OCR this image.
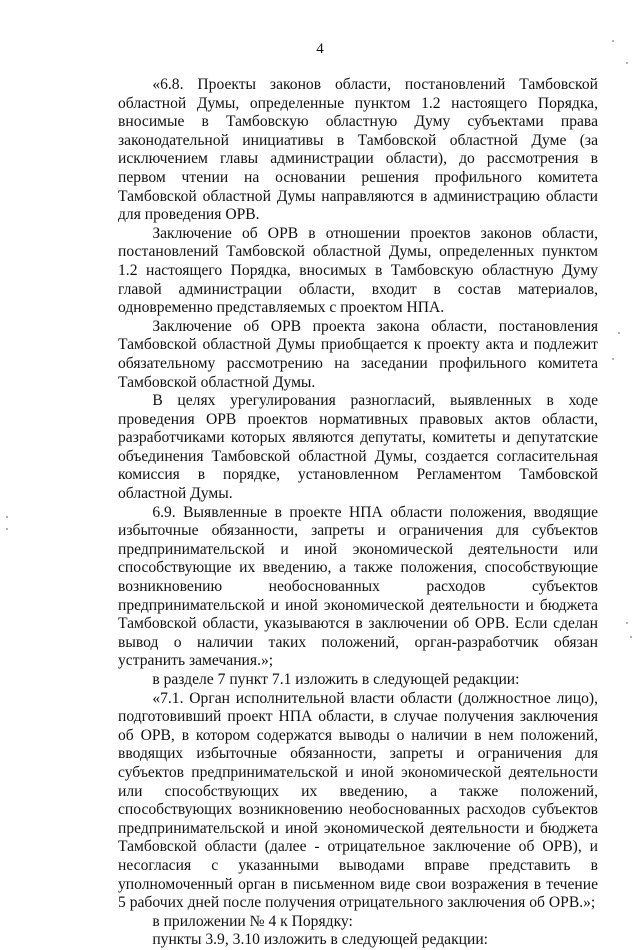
4

«6.8. Проекты законов области, постановлений Тамбовской областной Думы, определенные пунктом 1.2 настоящего Порядка, вносимые в Тамбовскую областную Думу субъектами права законодательной инициативы в Тамбовской областной Думе (за исключением главы администрации области), до рассмотрения в первом чтении на основании решения профильного комитета Тамбовской областной Думы направляются в администрацию области для проведения ОРВ.

Заключение об ОРВ в отношении проектов законов области, постановлений Тамбовской областной Думы, определенных пунктом 1.2 настоящего Порядка, вносимых в Тамбовскую областную Думу главой администрации области, входит в состав материалов, одновременно представляемых с проектом НПА.

Заключение об ОРВ проекта закона области, постановления Тамбовской областной Думы приобщается к проекту акта и подлежит обязательному рассмотрению на заседании профильного комитета Тамбовской областной Думы.

В целях урегулирования разногласий, выявленных в ходе проведения ОРВ проектов нормативных правовых актов области, разработчиками которых являются депутаты, комитеты и депутатские объединения Тамбовской областной Думы, создается согласительная комиссия в порядке, установленном Регламентом Тамбовской областной Думы.

6.9. Выявленные в проекте НПА области положения, вводящие избыточные обязанности, запреты и ограничения для субъектов предпринимательской и иной экономической деятельности или способствующие их введению, а также положения, способствующие возникновению необоснованных расходов субъектов предпринимательской и иной экономической деятельности и бюджета Тамбовской области, указываются в заключении об ОРВ. Если сделан вывод о наличии таких положений, орган-разработчик обязан устранить замечания.»;

в разделе 7 пункт 7.1 изложить в следующей редакции:

«7.1. Орган исполнительной власти области (должностное лицо), подготовивший проект НПА области, в случае получения заключения об ОРВ, в котором содержатся выводы о наличии в нем положений, вводящих избыточные обязанности, запреты и ограничения для субъектов предпринимательской и иной экономической деятельности или способствующих их введению, а также положений, способствующих возникновению необоснованных расходов субъектов предпринимательской и иной экономической деятельности и бюджета Тамбовской области (далее - отрицательное заключение об ОРВ), и несогласия с указанными выводами вправе представить в уполномоченный орган в письменном виде свои возражения в течение 5 рабочих дней после получения отрицательного заключения об ОРВ.»;

в приложении № 4 к Порядку:

пункты 3.9, 3.10 изложить в следующей редакции:
